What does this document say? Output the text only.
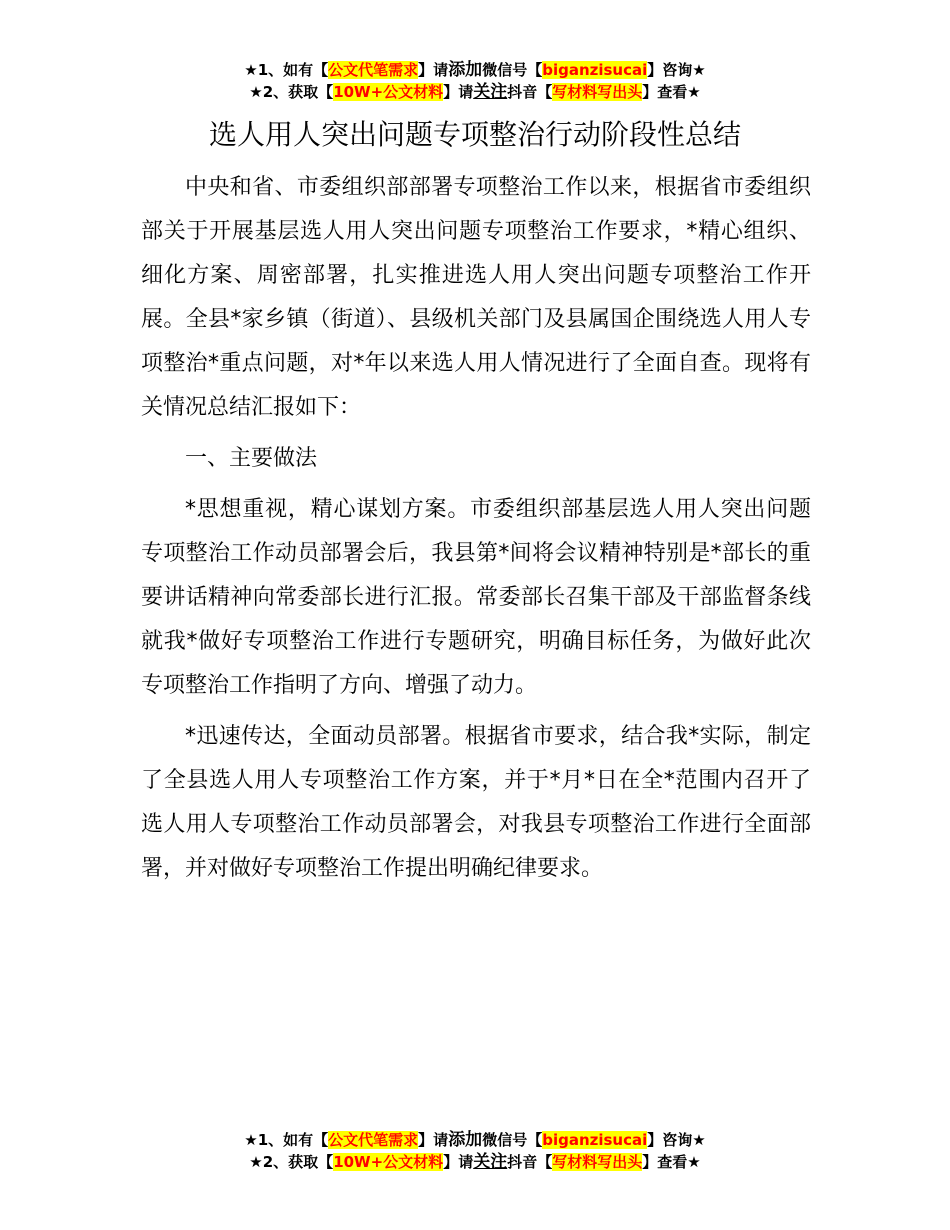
★1、如有【公文代笔需求】请添加微信号【biganzisucai】咨询★
★2、获取【10W+公文材料】请关注抖音【写材料写出头】查看★
选人用人突出问题专项整治行动阶段性总结

中央和省、市委组织部部署专项整治工作以来，根据省市委组织部关于开展基层选人用人突出问题专项整治工作要求，*精心组织、细化方案、周密部署，扎实推进选人用人突出问题专项整治工作开展。全县*家乡镇（街道）、县级机关部门及县属国企围绕选人用人专项整治*重点问题，对*年以来选人用人情况进行了全面自查。现将有关情况总结汇报如下：

一、主要做法

*思想重视，精心谋划方案。市委组织部基层选人用人突出问题专项整治工作动员部署会后，我县第*间将会议精神特别是*部长的重要讲话精神向常委部长进行汇报。常委部长召集干部及干部监督条线就我*做好专项整治工作进行专题研究，明确目标任务，为做好此次专项整治工作指明了方向、增强了动力。

*迅速传达，全面动员部署。根据省市要求，结合我*实际，制定了全县选人用人专项整治工作方案，并于*月*日在全*范围内召开了选人用人专项整治工作动员部署会，对我县专项整治工作进行全面部署，并对做好专项整治工作提出明确纪律要求。

★1、如有【公文代笔需求】请添加微信号【biganzisucai】咨询★
★2、获取【10W+公文材料】请关注抖音【写材料写出头】查看★
